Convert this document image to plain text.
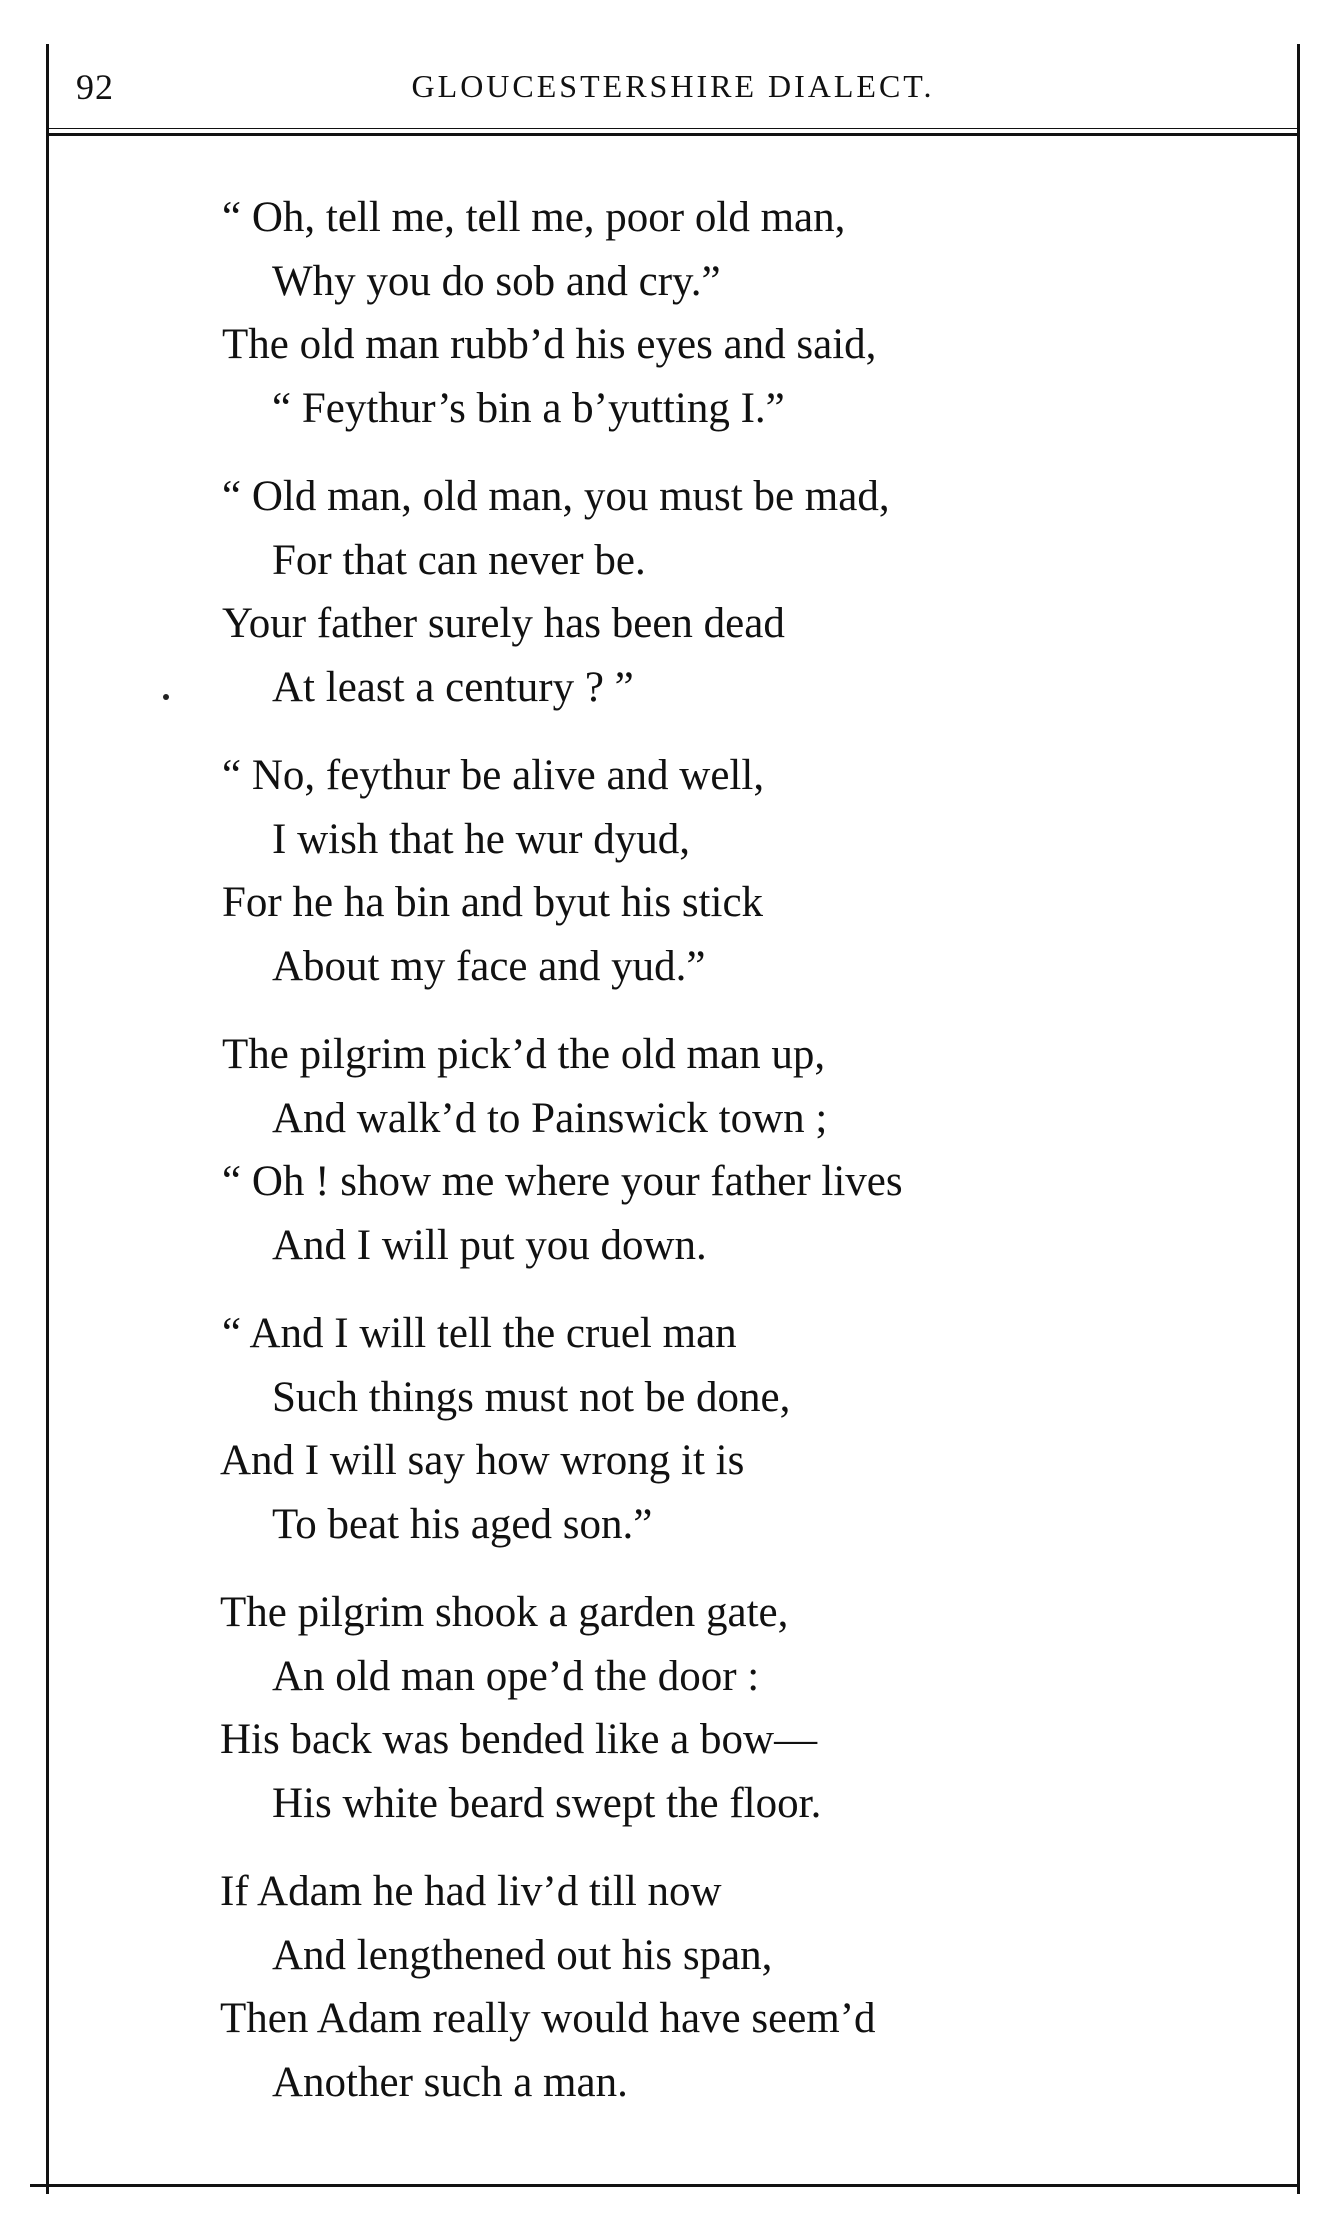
92	GLOUCESTERSHIRE DIALECT.
“ Oh, tell me, tell me, poor old man,
Why you do sob and cry.”
The old man rubb’d his eyes and said,
“ Feythur’s bin a b’yutting I.”
“ Old man, old man, you must be mad,
For that can never be.
Your father surely has been dead
At least a century ? ”
“ No, feythur be alive and well,
I wish that he wur dyud,
For he ha bin and byut his stick
About my face and yud.”
The pilgrim pick’d the old man up,
And walk’d to Painswick town ;
“ Oh ! show me where your father lives
And I will put you down.
“ And I will tell the cruel man
Such things must not be done,
And I will say how wrong it is
To beat his aged son.”
The pilgrim shook a garden gate,
An old man ope’d the door :
His back was bended like a bow—
His white beard swept the floor.
If Adam he had liv’d till now
And lengthened out his span,
Then Adam really would have seem’d
Another such a man.
